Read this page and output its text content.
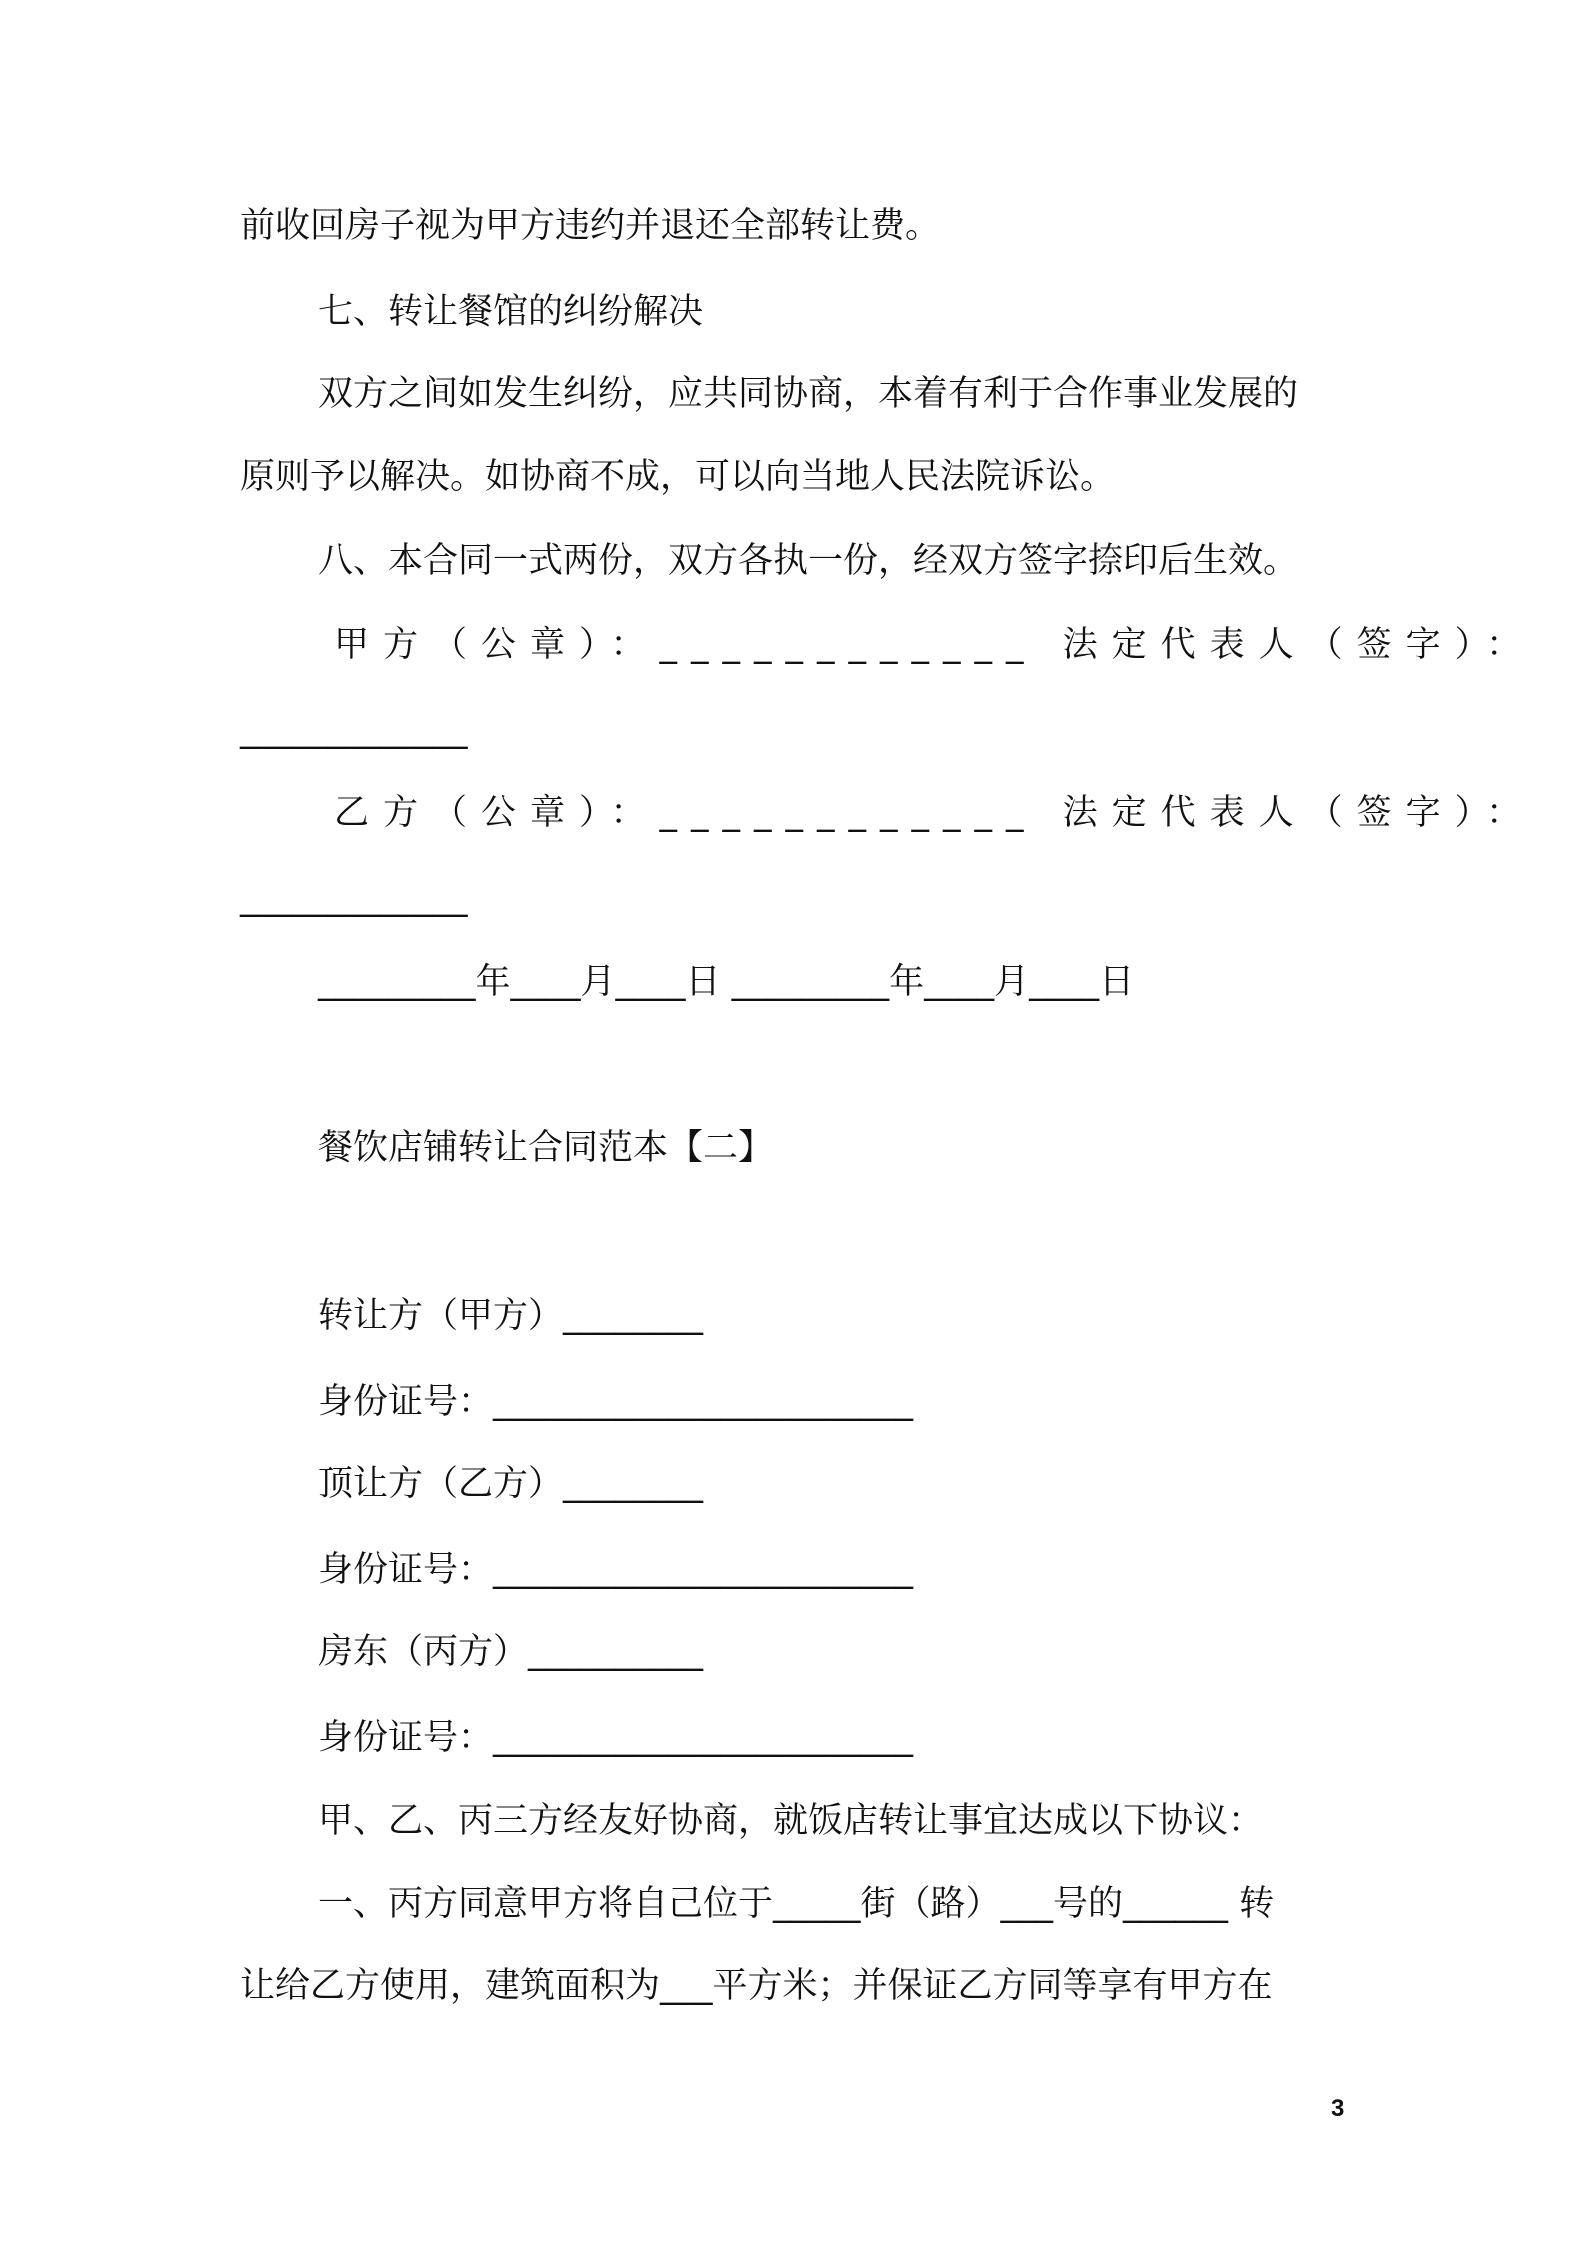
前收回房子视为甲方违约并退还全部转让费。
七、转让餐馆的纠纷解决
双方之间如发生纠纷，应共同协商，本着有利于合作事业发展的
原则予以解决。如协商不成，可以向当地人民法院诉讼。
八、本合同一式两份，双方各执一份，经双方签字捺印后生效。
甲方（公章）：____________ 法定代表人（签字）：
_____________
乙方（公章）：____________ 法定代表人（签字）：
_____________
_________年____月____日 _________年____月____日
餐饮店铺转让合同范本【二】
转让方（甲方）________
身份证号：________________________
顶让方（乙方）________
身份证号：________________________
房东（丙方）__________
身份证号：________________________
甲、乙、丙三方经友好协商，就饭店转让事宜达成以下协议：
一、丙方同意甲方将自己位于_____街（路）___号的______ 转
让给乙方使用，建筑面积为___平方米；并保证乙方同等享有甲方在
3
